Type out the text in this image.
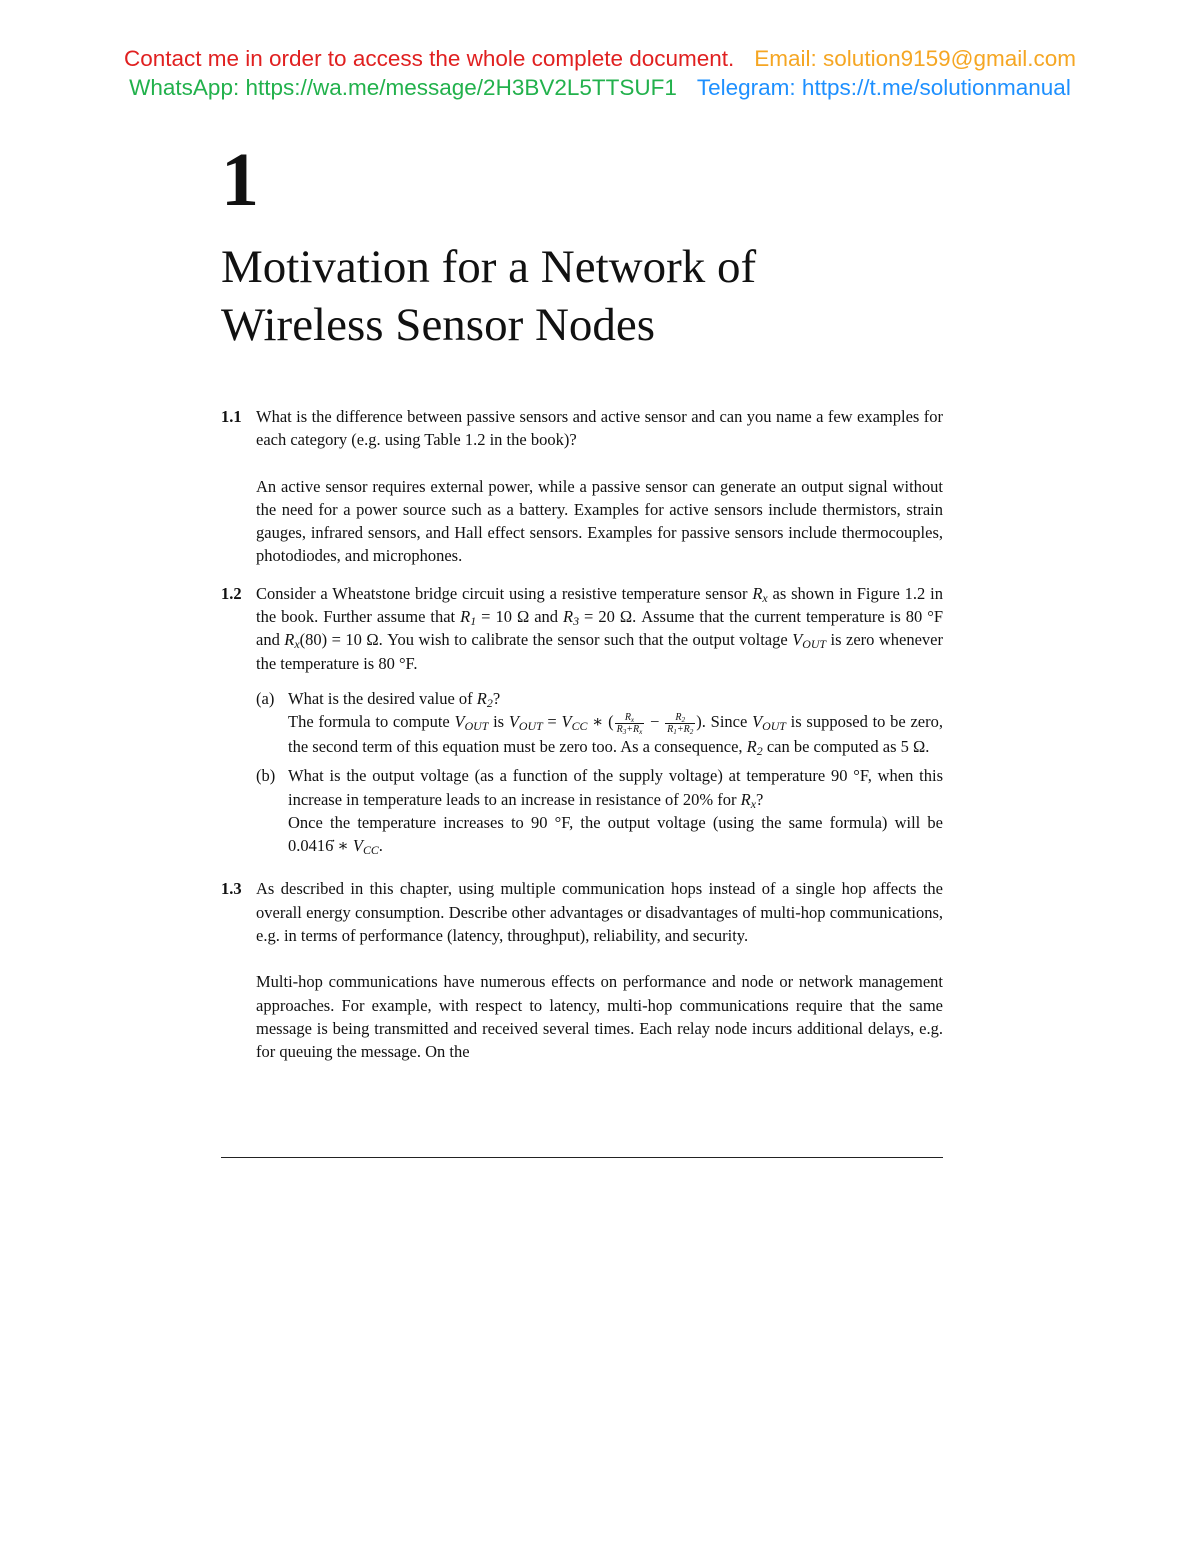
Contact me in order to access the whole complete document. Email: solution9159@gmail.com
WhatsApp: https://wa.me/message/2H3BV2L5TTSUF1 Telegram: https://t.me/solutionmanual
1
Motivation for a Network of
Wireless Sensor Nodes
1.1 What is the difference between passive sensors and active sensor and can you name a few examples for each category (e.g. using Table 1.2 in the book)?

An active sensor requires external power, while a passive sensor can generate an output signal without the need for a power source such as a battery. Examples for active sensors include thermistors, strain gauges, infrared sensors, and Hall effect sensors. Examples for passive sensors include thermocouples, photodiodes, and microphones.

1.2 Consider a Wheatstone bridge circuit using a resistive temperature sensor $R_x$ as shown in Figure 1.2 in the book. Further assume that $R_1 = 10$ Ω and $R_3 = 20$ Ω. Assume that the current temperature is 80 °F and $R_x(80) = 10$ Ω. You wish to calibrate the sensor such that the output voltage $V_{OUT}$ is zero whenever the temperature is 80 °F.

(a) What is the desired value of $R_2$?

The formula to compute $V_{OUT}$ is $V_{OUT} = V_{CC}$ ∗ ( $\frac{R_x}{R_3+R_x} - \frac{R_2}{R_1+R_2}$ ). Since $V_{OUT}$ is supposed to be zero, the second term of this equation must be zero too. As a consequence, $R_2$ can be computed as 5 Ω.

(b) What is the output voltage (as a function of the supply voltage) at temperature 90 °F, when this increase in temperature leads to an increase in resistance of 20% for $R_x$?

Once the temperature increases to 90 °F, the output voltage (using the same formula) will be 0.0416̇ ∗ $V_{CC}$.

1.3 As described in this chapter, using multiple communication hops instead of a single hop affects the overall energy consumption. Describe other advantages or disadvantages of multi-hop communications, e.g. in terms of performance (latency, throughput), reliability, and security.

Multi-hop communications have numerous effects on performance and node or network management approaches. For example, with respect to latency, multi-hop communications require that the same message is being transmitted and received several times. Each relay node incurs additional delays, e.g. for queuing the message. On the
